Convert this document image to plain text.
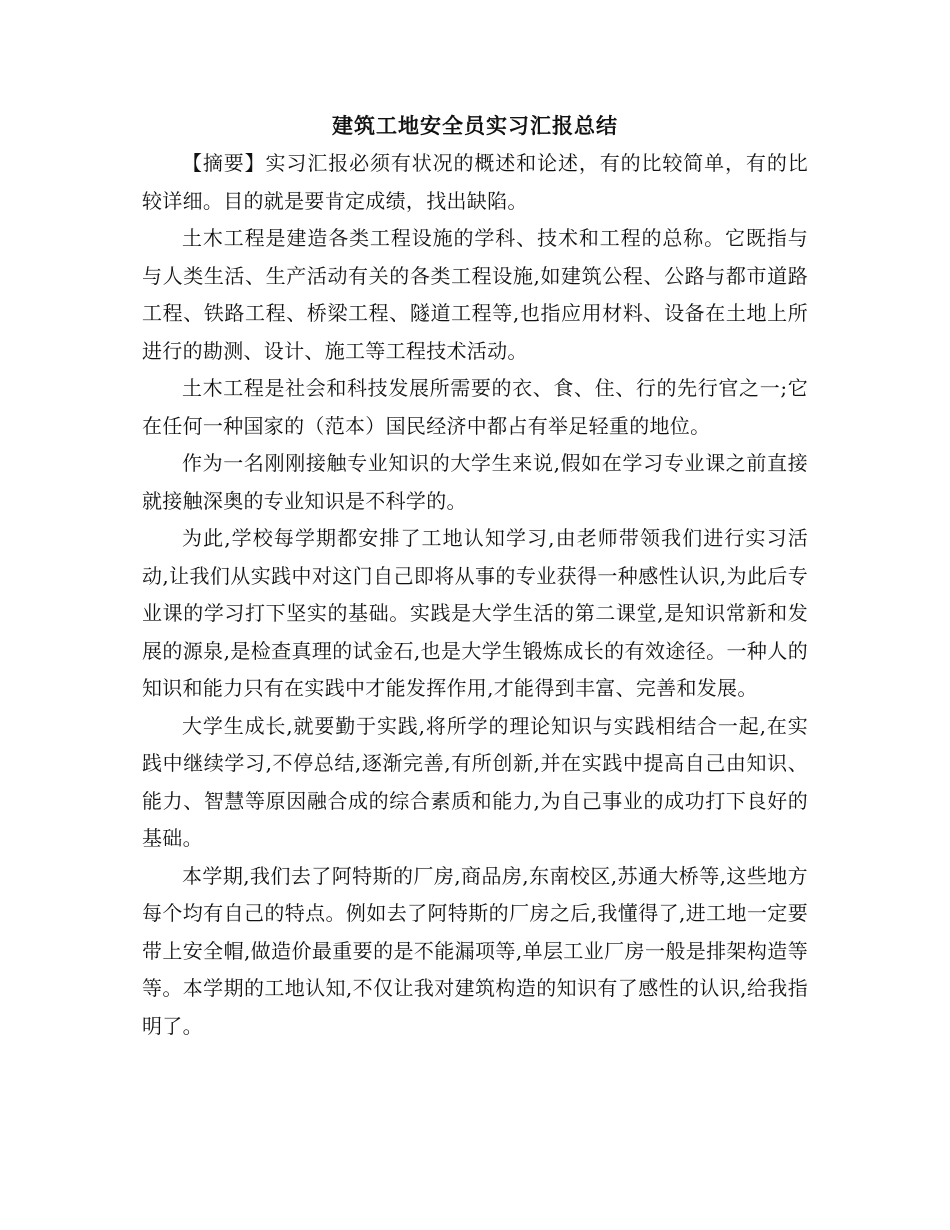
建筑工地安全员实习汇报总结

【摘要】实习汇报必须有状况的概述和论述，有的比较简单，有的比较详细。目的就是要肯定成绩，找出缺陷。

土木工程是建造各类工程设施的学科、技术和工程的总称。它既指与与人类生活、生产活动有关的各类工程设施,如建筑公程、公路与都市道路工程、铁路工程、桥梁工程、隧道工程等,也指应用材料、设备在土地上所进行的勘测、设计、施工等工程技术活动。

土木工程是社会和科技发展所需要的衣、食、住、行的先行官之一;它在任何一种国家的（范本）国民经济中都占有举足轻重的地位。

作为一名刚刚接触专业知识的大学生来说,假如在学习专业课之前直接就接触深奥的专业知识是不科学的。

为此,学校每学期都安排了工地认知学习,由老师带领我们进行实习活动,让我们从实践中对这门自己即将从事的专业获得一种感性认识,为此后专业课的学习打下坚实的基础。实践是大学生活的第二课堂,是知识常新和发展的源泉,是检查真理的试金石,也是大学生锻炼成长的有效途径。一种人的知识和能力只有在实践中才能发挥作用,才能得到丰富、完善和发展。

大学生成长,就要勤于实践,将所学的理论知识与实践相结合一起,在实践中继续学习,不停总结,逐渐完善,有所创新,并在实践中提高自己由知识、能力、智慧等原因融合成的综合素质和能力,为自己事业的成功打下良好的基础。

本学期,我们去了阿特斯的厂房,商品房,东南校区,苏通大桥等,这些地方每个均有自己的特点。例如去了阿特斯的厂房之后,我懂得了,进工地一定要带上安全帽,做造价最重要的是不能漏项等,单层工业厂房一般是排架构造等等。本学期的工地认知,不仅让我对建筑构造的知识有了感性的认识,给我指明了。
